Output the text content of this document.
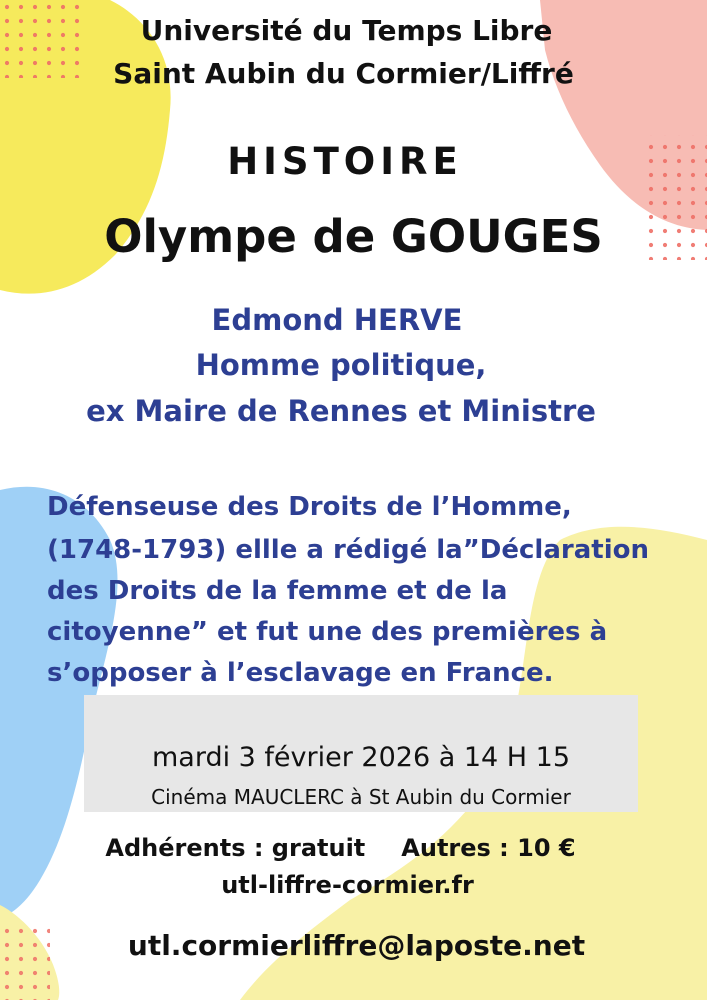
Université du Temps Libre
Saint Aubin du Cormier/Liffré
HISTOIRE
Olympe de GOUGES
Edmond HERVE
Homme politique,
ex Maire de Rennes et Ministre
Défenseuse des Droits de l’Homme,
(1748-1793) ellle a rédigé la”Déclaration
des Droits de la femme et de la
citoyenne” et fut une des premières à
s’opposer à l’esclavage en France.
mardi 3 février 2026 à 14 H 15
Cinéma MAUCLERC à St Aubin du Cormier
Adhérents : gratuit Autres : 10 €
utl-liffre-cormier.fr
utl.cormierliffre@laposte.net
